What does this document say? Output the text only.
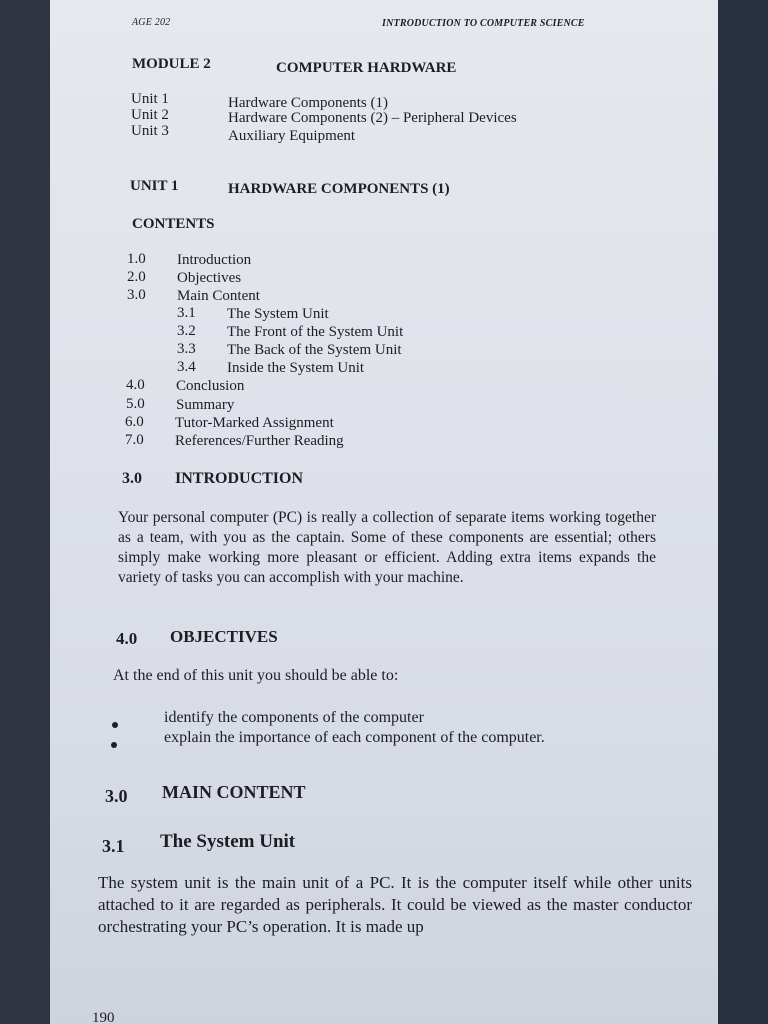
AGE 202	INTRODUCTION TO COMPUTER SCIENCE
MODULE 2	COMPUTER HARDWARE
Unit 1	Hardware Components (1)
Unit 2	Hardware Components (2) – Peripheral Devices
Unit 3	Auxiliary Equipment
UNIT 1	HARDWARE COMPONENTS (1)
CONTENTS
1.0 Introduction
2.0 Objectives
3.0 Main Content
3.1 The System Unit
3.2 The Front of the System Unit
3.3 The Back of the System Unit
3.4 Inside the System Unit
4.0 Conclusion
5.0 Summary
6.0 Tutor-Marked Assignment
7.0 References/Further Reading
3.0 INTRODUCTION
Your personal computer (PC) is really a collection of separate items working together as a team, with you as the captain. Some of these components are essential; others simply make working more pleasant or efficient. Adding extra items expands the variety of tasks you can accomplish with your machine.
4.0 OBJECTIVES
At the end of this unit you should be able to:
identify the components of the computer
explain the importance of each component of the computer.
3.0 MAIN CONTENT
3.1 The System Unit
The system unit is the main unit of a PC. It is the computer itself while other units attached to it are regarded as peripherals. It could be viewed as the master conductor orchestrating your PC’s operation. It is made up
190
